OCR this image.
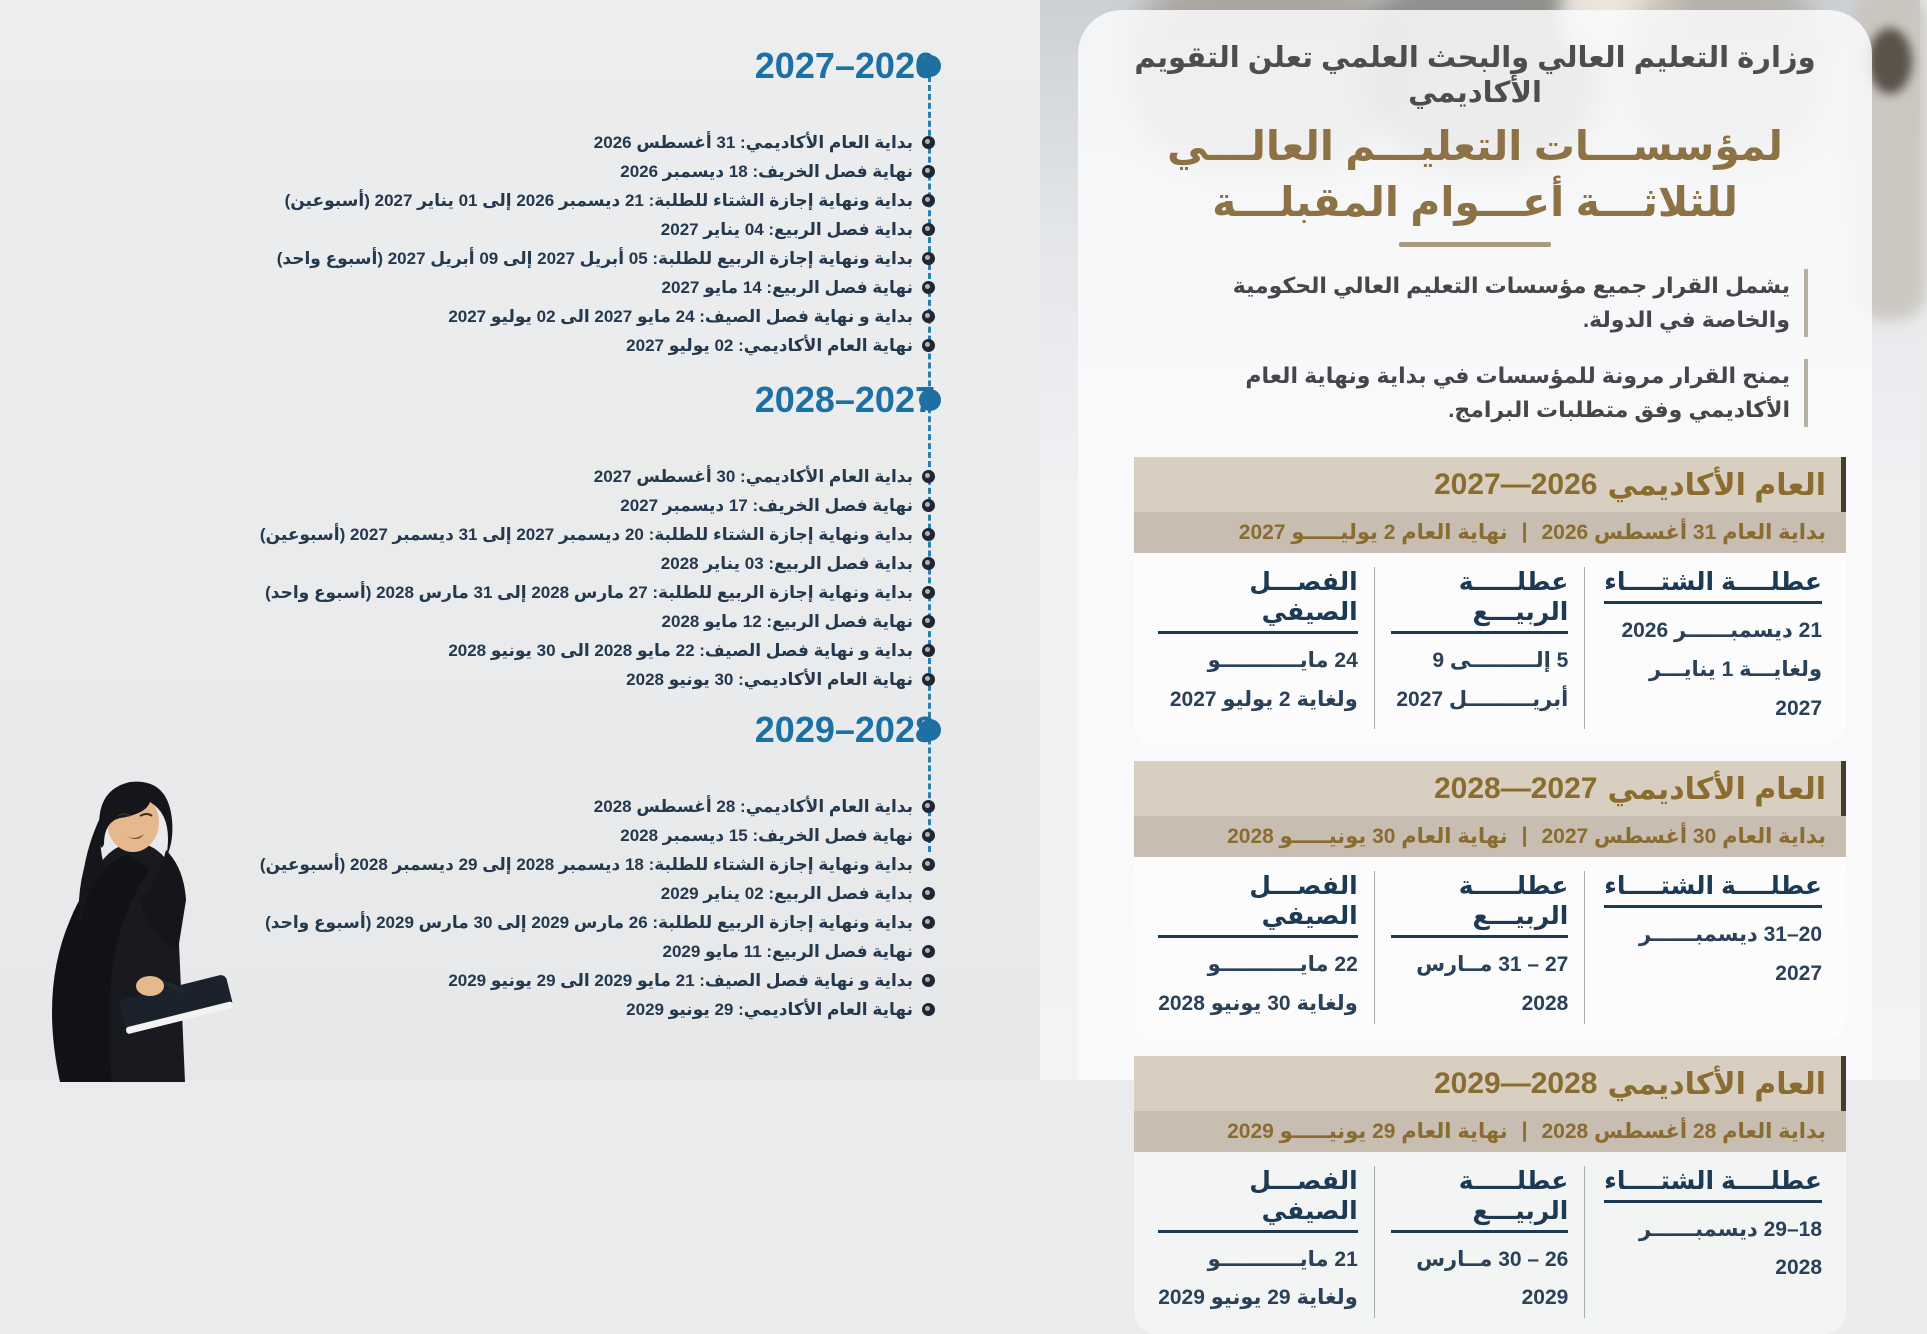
وزارة التعليم العالي والبحث العلمي تعلن التقويم الأكاديمي
لمؤسســـات التعليـــم العالـــي
للثلاثـــة أعـــوام المقبلـــة

يشمل القرار جميع مؤسسات التعليم العالي الحكومية والخاصة في الدولة.

يمنح القرار مرونة للمؤسسات في بداية ونهاية العام الأكاديمي وفق متطلبات البرامج.

العام الأكاديمي
2026—2027
بداية العام 31 أغسطس 2026
|
نهاية العام 2 يوليـــــو 2027
عطلــــة الشتــــاء
21 ديسمبــــــر 2026
ولغايـــة 1 ينايـــر 2027
عطلـــــة الربيـــع
5 إلـــــــــى 9
أبريـــــــــل 2027
الفصـــل الصيفي
24 مايـــــــــــو
ولغاية 2 يوليو 2027
العام الأكاديمي
2027—2028
بداية العام 30 أغسطس 2027
|
نهاية العام 30 يونيـــــو 2028
عطلــــة الشتــــاء
20–31 ديسمبــــــر 2027
عطلـــــة الربيـــع
27 – 31 مــارس 2028
الفصـــل الصيفي
22 مايـــــــــــو
ولغاية 30 يونيو 2028
العام الأكاديمي
2028—2029
بداية العام 28 أغسطس 2028
|
نهاية العام 29 يونيـــــو 2029
عطلــــة الشتــــاء
18–29 ديسمبــــــر 2028
عطلـــــة الربيـــع
26 – 30 مــارس 2029
الفصـــل الصيفي
21 مايـــــــــــو
ولغاية 29 يونيو 2029
2026–2027
بداية العام الأكاديمي: 31 أغسطس 2026
نهاية فصل الخريف: 18 ديسمبر 2026
بداية ونهاية إجازة الشتاء للطلبة: 21 ديسمبر 2026 إلى 01 يناير 2027 (أسبوعين)
بداية فصل الربيع: 04 يناير 2027
بداية ونهاية إجازة الربيع للطلبة: 05 أبريل 2027 إلى 09 أبريل 2027 (أسبوع واحد)
نهاية فصل الربيع: 14 مايو 2027
بداية و نهاية فصل الصيف: 24 مايو 2027 الى 02 يوليو 2027
نهاية العام الأكاديمي: 02 يوليو 2027
2027–2028
بداية العام الأكاديمي: 30 أغسطس 2027
نهاية فصل الخريف: 17 ديسمبر 2027
بداية ونهاية إجازة الشتاء للطلبة: 20 ديسمبر 2027 إلى 31 ديسمبر 2027 (أسبوعين)
بداية فصل الربيع: 03 يناير 2028
بداية ونهاية إجازة الربيع للطلبة: 27 مارس 2028 إلى 31 مارس 2028 (أسبوع واحد)
نهاية فصل الربيع: 12 مايو 2028
بداية و نهاية فصل الصيف: 22 مايو 2028 الى 30 يونيو 2028
نهاية العام الأكاديمي: 30 يونيو 2028
2028–2029
بداية العام الأكاديمي: 28 أغسطس 2028
نهاية فصل الخريف: 15 ديسمبر 2028
بداية ونهاية إجازة الشتاء للطلبة: 18 ديسمبر 2028 إلى 29 ديسمبر 2028 (أسبوعين)
بداية فصل الربيع: 02 يناير 2029
بداية ونهاية إجازة الربيع للطلبة: 26 مارس 2029 إلى 30 مارس 2029 (أسبوع واحد)
نهاية فصل الربيع: 11 مايو 2029
بداية و نهاية فصل الصيف: 21 مايو 2029 الى 29 يونيو 2029
نهاية العام الأكاديمي: 29 يونيو 2029
